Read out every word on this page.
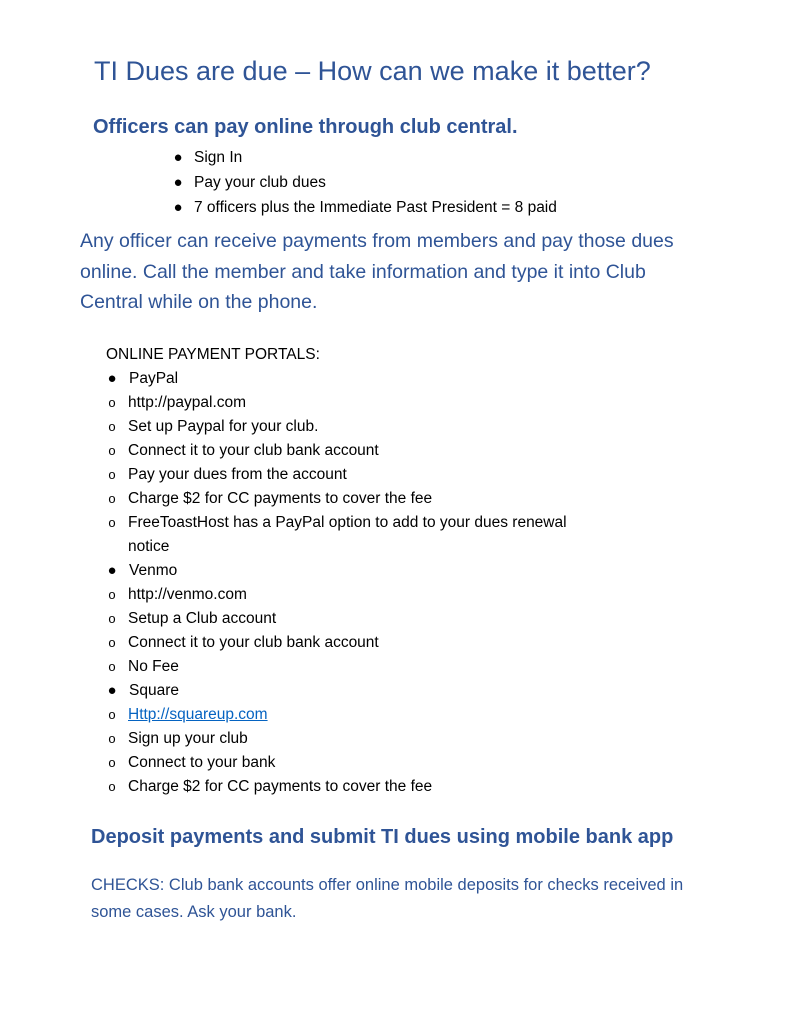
TI Dues are due – How can we make it better?
Officers can pay online through club central.
● Sign In
● Pay your club dues
● 7 officers plus the Immediate Past President = 8 paid

Any officer can receive payments from members and pay those dues online. Call the member and take information and type it into Club Central while on the phone.

ONLINE PAYMENT PORTALS:
● PayPal
o http://paypal.com
o Set up Paypal for your club.
o Connect it to your club bank account
o Pay your dues from the account
o Charge $2 for CC payments to cover the fee
o FreeToastHost has a PayPal option to add to your dues renewal notice
● Venmo
o http://venmo.com
o Setup a Club account
o Connect it to your club bank account
o No Fee
● Square
o Http://squareup.com
o Sign up your club
o Connect to your bank
o Charge $2 for CC payments to cover the fee
Deposit payments and submit TI dues using mobile bank app

CHECKS: Club bank accounts offer online mobile deposits for checks received in some cases. Ask your bank.
